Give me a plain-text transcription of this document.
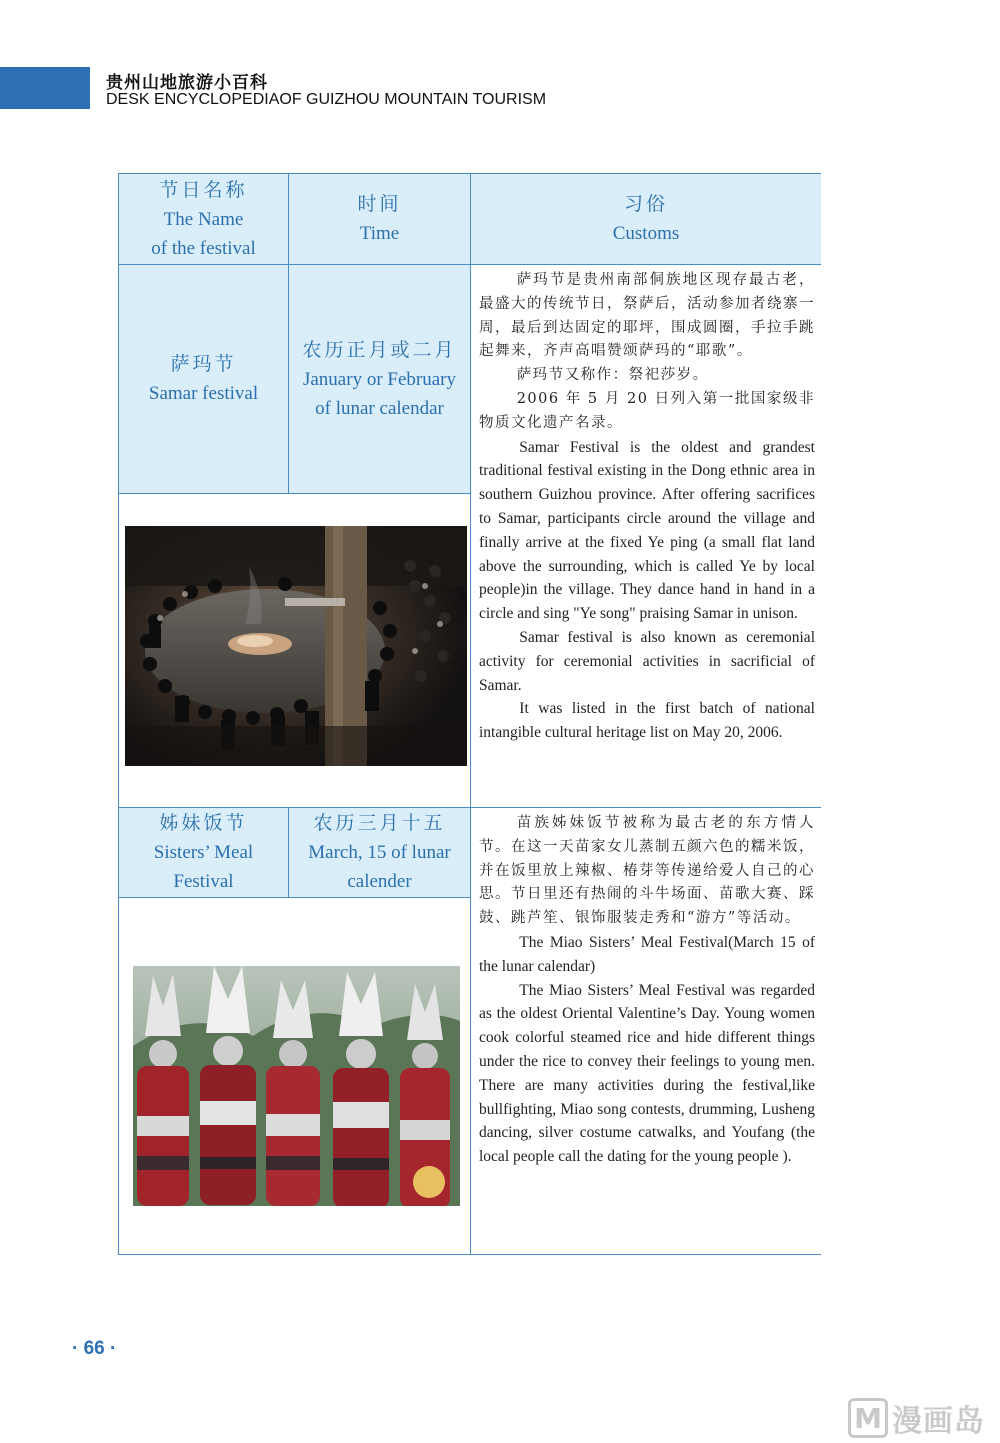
贵州山地旅游小百科
DESK ENCYCLOPEDIAOF GUIZHOU MOUNTAIN TOURISM
节日名称
The Name
of the festival
时间
Time
习俗
Customs
萨玛节
Samar festival
农历正月或二月
January or February
of lunar calendar

萨玛节是贵州南部侗族地区现存最古老，最盛大的传统节日，祭萨后，活动参加者绕寨一周，最后到达固定的耶坪，围成圆圈，手拉手跳起舞来，齐声高唱赞颂萨玛的“耶歌”。

萨玛节又称作：祭祀莎岁。

2006 年 5 月 20 日列入第一批国家级非物质文化遗产名录。

Samar Festival is the oldest and grandest traditional festival existing in the Dong ethnic area in southern Guizhou province. After offering sacrifices to Samar, participants circle around the village and finally arrive at the fixed Ye ping (a small flat land above the surrounding, which is called Ye by local people)in the village. They dance hand in hand in a circle and sing "Ye song" praising Samar in unison.

Samar festival is also known as ceremonial activity for ceremonial activities in sacrificial of Samar.

It was listed in the first batch of national intangible cultural heritage list on May 20, 2006.

姊妹饭节
Sisters’ Meal
Festival
农历三月十五
March, 15 of lunar
calender

苗族姊妹饭节被称为最古老的东方情人节。在这一天苗家女儿蒸制五颜六色的糯米饭，并在饭里放上辣椒、椿芽等传递给爱人自己的心思。节日里还有热闹的斗牛场面、苗歌大赛、踩鼓、跳芦笙、银饰服装走秀和“游方”等活动。

The Miao Sisters’ Meal Festival(March 15 of the lunar calendar)

The Miao Sisters’ Meal Festival was regarded as the oldest Oriental Valentine’s Day. Young women cook colorful steamed rice and hide different things under the rice to convey their feelings to young men. There are many activities during the festival,like bullfighting, Miao song contests, drumming, Lusheng dancing, silver costume catwalks, and Youfang (the local people call the dating for the young people ).

· 66 ·
M 漫画岛
